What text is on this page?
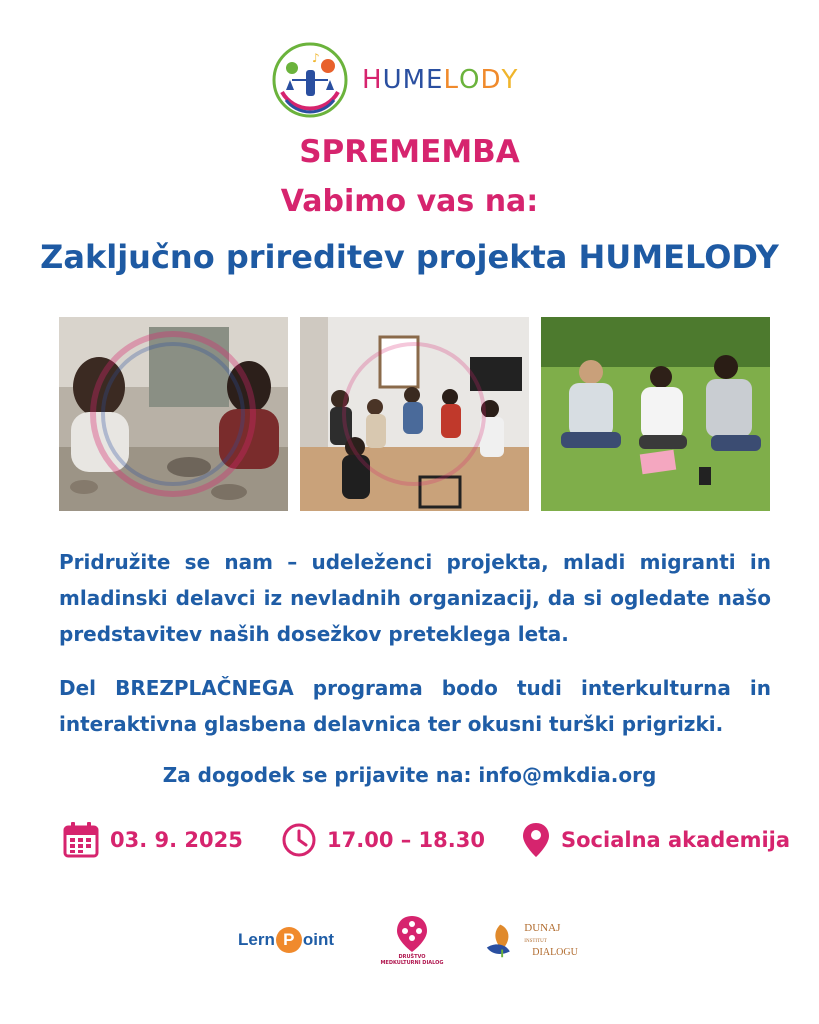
♪
HUMELODY
SPREMEMBA
Vabimo vas na:
Zaključno prireditev projekta HUMELODY
Pridružite se nam – udeleženci projekta, mladi migranti in mladinski delavci iz nevladnih organizacij, da si ogledate našo predstavitev naših dosežkov preteklega leta.
Del BREZPLAČNEGA programa bodo tudi interkulturna in interaktivna glasbena delavnica ter okusni turški prigrizki.
Za dogodek se prijavite na: info@mkdia.org
03. 9. 2025	17.00 – 18.30	Socialna akademija
Lern P oint
DRUŠTVO
MEDKULTURNI DIALOG
DUNAJ INSTITUT
DIALOGU
